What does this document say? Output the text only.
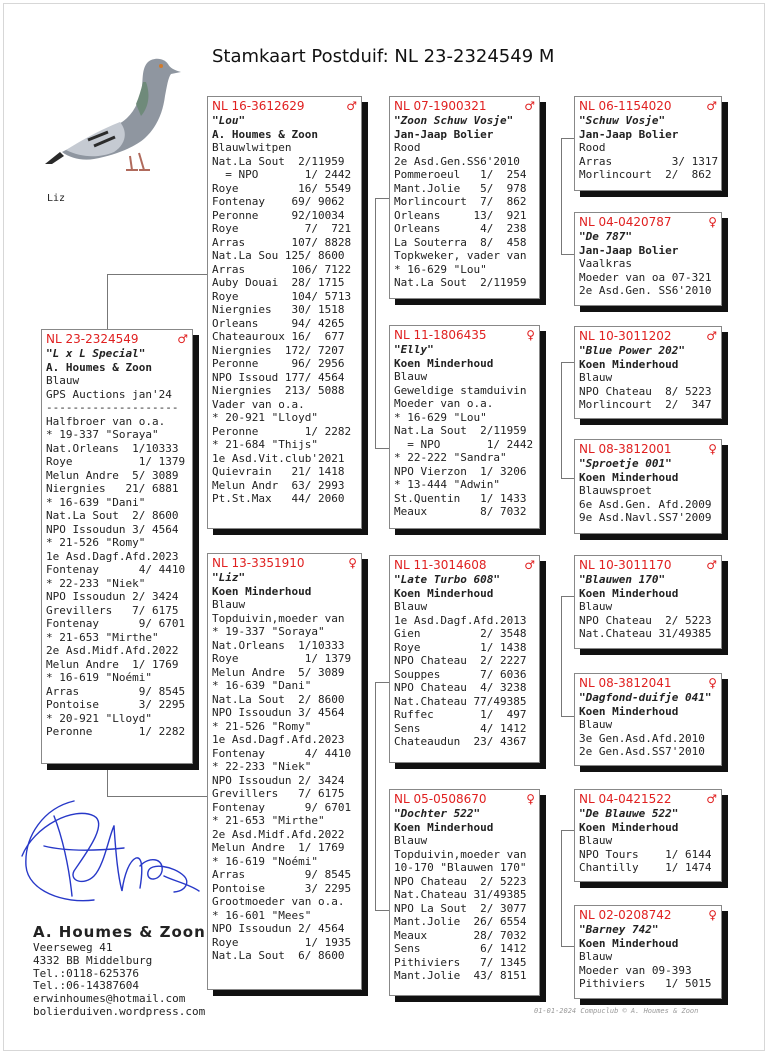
Stamkaart Postduif: NL 23-2324549 M
Liz
NL 23-2324549	♂
"L x L Special"
A. Houmes & Zoon
Blauw
GPS Auctions jan'24
--------------------
Halfbroer van o.a.
* 19-337 "Soraya"
Nat.Orleans  1/10333
Roye          1/ 1379
Melun Andre  5/ 3089
Niergnies   21/ 6881
* 16-639 "Dani"
Nat.La Sout  2/ 8600
NPO Issoudun 3/ 4564
* 21-526 "Romy"
1e Asd.Dagf.Afd.2023
Fontenay      4/ 4410
* 22-233 "Niek"
NPO Issoudun 2/ 3424
Grevillers   7/ 6175
Fontenay      9/ 6701
* 21-653 "Mirthe"
2e Asd.Midf.Afd.2022
Melun Andre  1/ 1769
* 16-619 "Noémi"
Arras         9/ 8545
Pontoise      3/ 2295
* 20-921 "Lloyd"
Peronne       1/ 2282
NL 16-3612629	♂
"Lou"
A. Houmes & Zoon
Blauwlwitpen
Nat.La Sout  2/11959
= NPO       1/ 2442
Roye         16/ 5549
Fontenay    69/ 9062
Peronne     92/10034
Roye          7/  721
Arras       107/ 8828
Nat.La Sou 125/ 8600
Arras       106/ 7122
Auby Douai  28/ 1715
Roye        104/ 5713
Niergnies   30/ 1518
Orleans     94/ 4265
Chateauroux 16/  677
Niergnies  172/ 7207
Peronne     96/ 2956
NPO Issoud 177/ 4564
Niergnies  213/ 5088
Vader van o.a.
* 20-921 "Lloyd"
Peronne       1/ 2282
* 21-684 "Thijs"
1e Asd.Vit.club'2021
Quievrain   21/ 1418
Melun Andr  63/ 2993
Pt.St.Max   44/ 2060
NL 13-3351910	♀
"Liz"
Koen Minderhoud
Blauw
Topduivin,moeder van
* 19-337 "Soraya"
Nat.Orleans  1/10333
Roye          1/ 1379
Melun Andre  5/ 3089
* 16-639 "Dani"
Nat.La Sout  2/ 8600
NPO Issoudun 3/ 4564
* 21-526 "Romy"
1e Asd.Dagf.Afd.2023
Fontenay      4/ 4410
* 22-233 "Niek"
NPO Issoudun 2/ 3424
Grevillers   7/ 6175
Fontenay      9/ 6701
* 21-653 "Mirthe"
2e Asd.Midf.Afd.2022
Melun Andre  1/ 1769
* 16-619 "Noémi"
Arras         9/ 8545
Pontoise      3/ 2295
Grootmoeder van o.a.
* 16-601 "Mees"
NPO Issoudun 2/ 4564
Roye          1/ 1935
Nat.La Sout  6/ 8600
NL 07-1900321	♂
"Zoon Schuw Vosje"
Jan-Jaap Bolier
Rood
2e Asd.Gen.SS6'2010
Pommeroeul   1/  254
Mant.Jolie   5/  978
Morlincourt  7/  862
Orleans     13/  921
Orleans      4/  238
La Souterra  8/  458
Topkweker, vader van
* 16-629 "Lou"
Nat.La Sout  2/11959
NL 11-1806435	♀
"Elly"
Koen Minderhoud
Blauw
Geweldige stamduivin
Moeder van o.a.
* 16-629 "Lou"
Nat.La Sout  2/11959
= NPO       1/ 2442
* 22-222 "Sandra"
NPO Vierzon  1/ 3206
* 13-444 "Adwin"
St.Quentin   1/ 1433
Meaux        8/ 7032
NL 11-3014608	♂
"Late Turbo 608"
Koen Minderhoud
Blauw
1e Asd.Dagf.Afd.2013
Gien         2/ 3548
Roye         1/ 1438
NPO Chateau  2/ 2227
Souppes      7/ 6036
NPO Chateau  4/ 3238
Nat.Chateau 77/49385
Ruffec       1/  497
Sens         4/ 1412
Chateaudun  23/ 4367
NL 05-0508670	♀
"Dochter 522"
Koen Minderhoud
Blauw
Topduivin,moeder van
10-170 "Blauwen 170"
NPO Chateau  2/ 5223
Nat.Chateau 31/49385
NPO La Sout  2/ 3077
Mant.Jolie  26/ 6554
Meaux       28/ 7032
Sens         6/ 1412
Pithiviers   7/ 1345
Mant.Jolie  43/ 8151
NL 06-1154020	♂
"Schuw Vosje"
Jan-Jaap Bolier
Rood
Arras         3/ 1317
Morlincourt  2/  862
NL 04-0420787	♀
"De 787"
Jan-Jaap Bolier
Vaalkras
Moeder van oa 07-321
2e Asd.Gen. SS6'2010
NL 10-3011202	♂
"Blue Power 202"
Koen Minderhoud
Blauw
NPO Chateau  8/ 5223
Morlincourt  2/  347
NL 08-3812001	♀
"Sproetje 001"
Koen Minderhoud
Blauwsproet
6e Asd.Gen. Afd.2009
9e Asd.Navl.SS7'2009
NL 10-3011170	♂
"Blauwen 170"
Koen Minderhoud
Blauw
NPO Chateau  2/ 5223
Nat.Chateau 31/49385
NL 08-3812041	♀
"Dagfond-duifje 041"
Koen Minderhoud
Blauw
3e Gen.Asd.Afd.2010
2e Gen.Asd.SS7'2010
NL 04-0421522	♂
"De Blauwe 522"
Koen Minderhoud
Blauw
NPO Tours    1/ 6144
Chantilly    1/ 1474
NL 02-0208742	♀
"Barney 742"
Koen Minderhoud
Blauw
Moeder van 09-393
Pithiviers   1/ 5015
A. Houmes & Zoon
Veerseweg 41
4332 BB Middelburg
Tel.:0118-625376
Tel.:06-14387604
erwinhoumes@hotmail.com
bolierduiven.wordpress.com	01-01-2024 Compuclub © A. Houmes & Zoon
